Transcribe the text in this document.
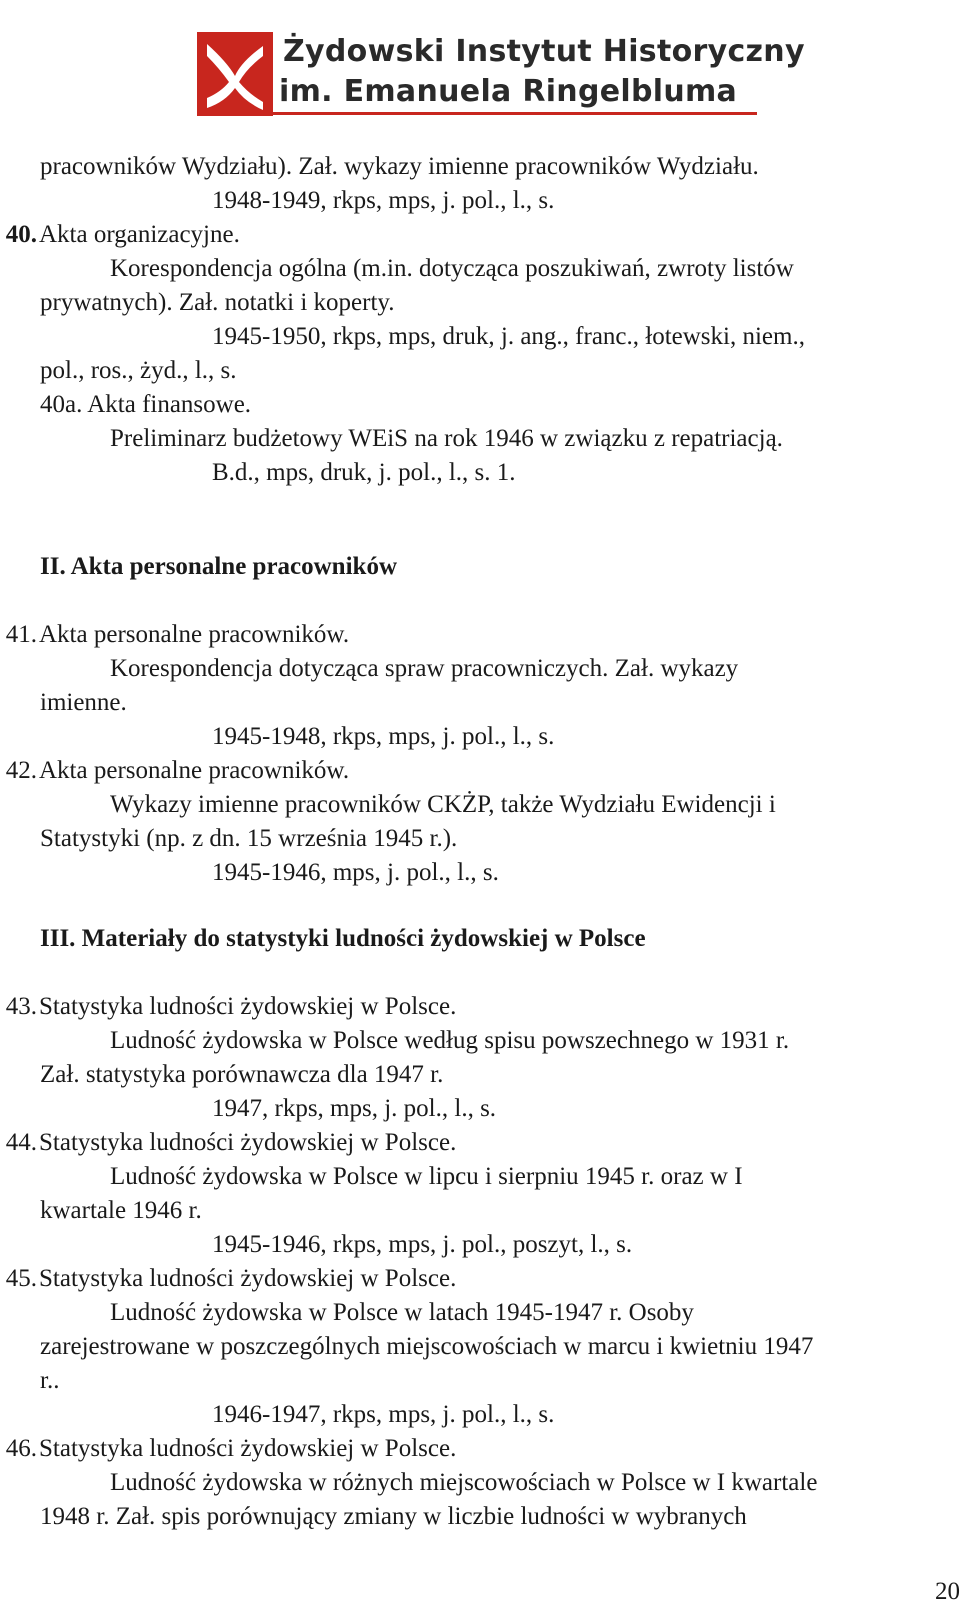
Żydowski Instytut Historyczny
im. Emanuela Ringelbluma
pracowników Wydziału). Zał. wykazy imienne pracowników Wydziału.
1948-1949, rkps, mps, j. pol., l., s.
40. Akta organizacyjne.
Korespondencja ogólna (m.in. dotycząca poszukiwań, zwroty listów
prywatnych). Zał. notatki i koperty.
1945-1950, rkps, mps, druk, j. ang., franc., łotewski, niem.,
pol., ros., żyd., l., s.
40a. Akta finansowe.
Preliminarz budżetowy WEiS na rok 1946 w związku z repatriacją.
B.d., mps, druk, j. pol., l., s. 1.
II. Akta personalne pracowników
41. Akta personalne pracowników.
Korespondencja dotycząca spraw pracowniczych. Zał. wykazy
imienne.
1945-1948, rkps, mps, j. pol., l., s.
42. Akta personalne pracowników.
Wykazy imienne pracowników CKŻP, także Wydziału Ewidencji i
Statystyki (np. z dn. 15 września 1945 r.).
1945-1946, mps, j. pol., l., s.
III. Materiały do statystyki ludności żydowskiej w Polsce
43. Statystyka ludności żydowskiej w Polsce.
Ludność żydowska w Polsce według spisu powszechnego w 1931 r.
Zał. statystyka porównawcza dla 1947 r.
1947, rkps, mps, j. pol., l., s.
44. Statystyka ludności żydowskiej w Polsce.
Ludność żydowska w Polsce w lipcu i sierpniu 1945 r. oraz w I
kwartale 1946 r.
1945-1946, rkps, mps, j. pol., poszyt, l., s.
45. Statystyka ludności żydowskiej w Polsce.
Ludność żydowska w Polsce w latach 1945-1947 r. Osoby
zarejestrowane w poszczególnych miejscowościach w marcu i kwietniu 1947
r..
1946-1947, rkps, mps, j. pol., l., s.
46. Statystyka ludności żydowskiej w Polsce.
Ludność żydowska w różnych miejscowościach w Polsce w I kwartale
1948 r. Zał. spis porównujący zmiany w liczbie ludności w wybranych
20
